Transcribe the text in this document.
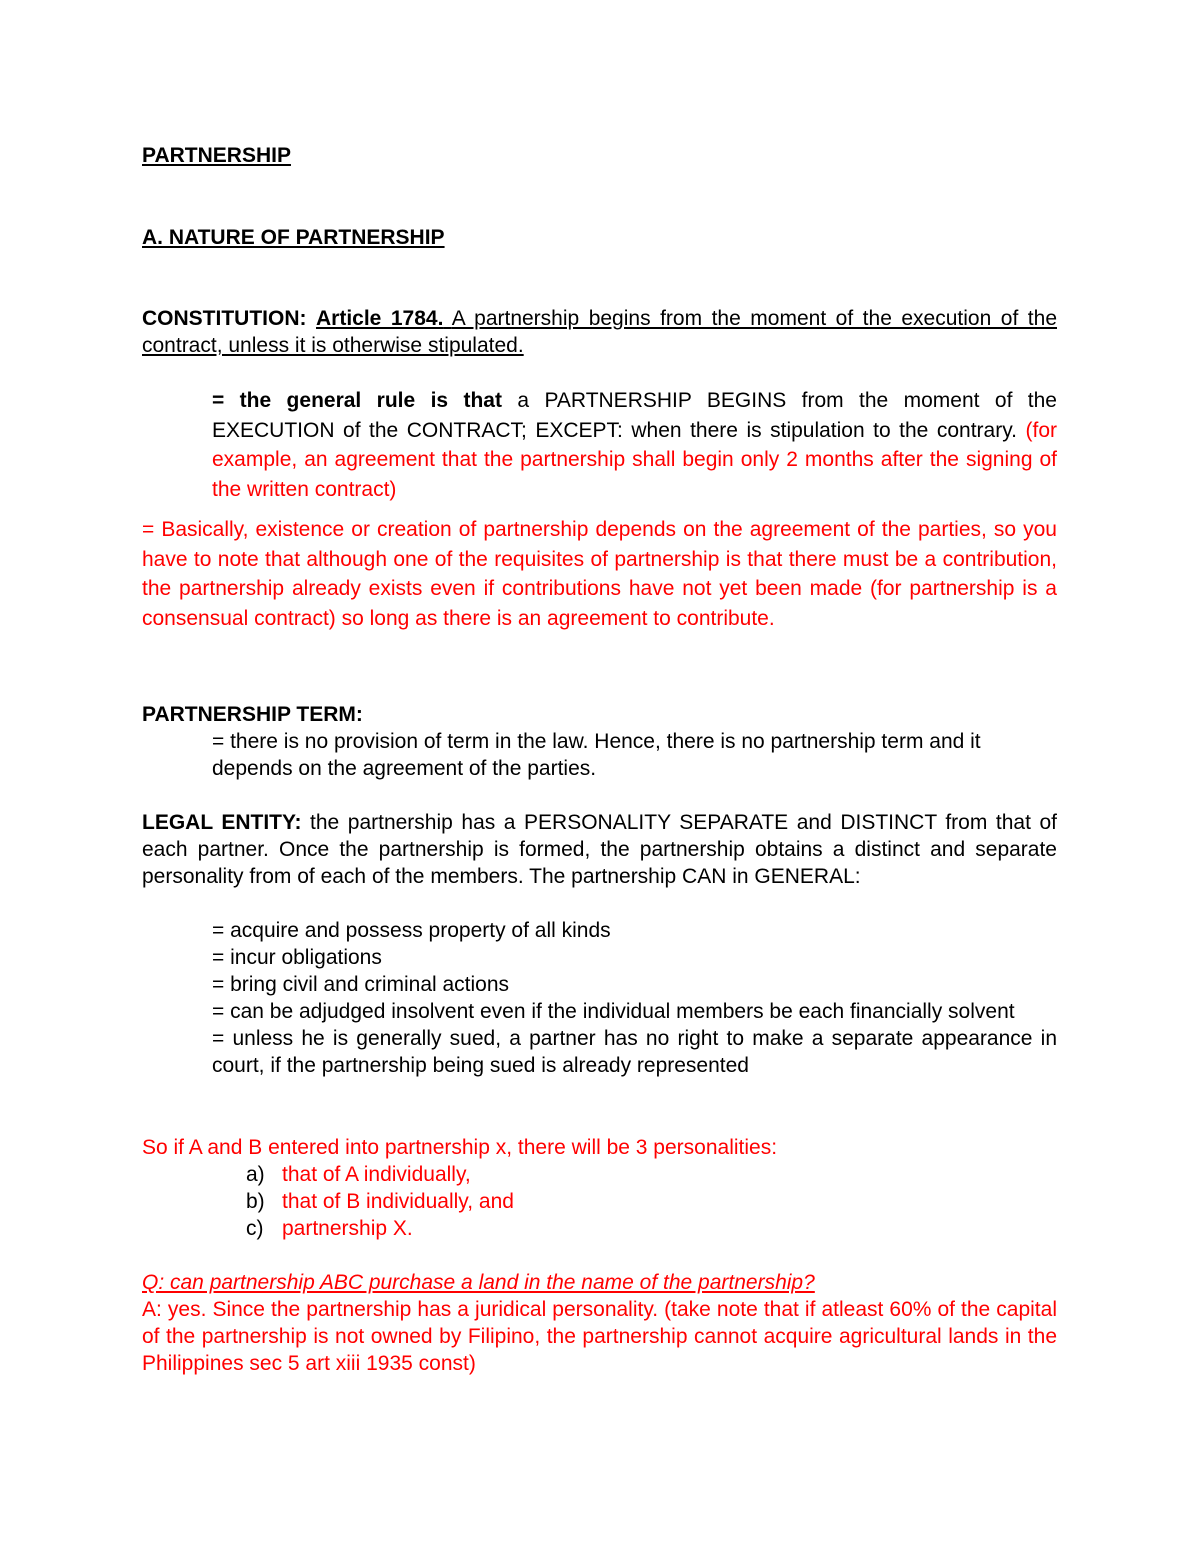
PARTNERSHIP

A. NATURE OF PARTNERSHIP

CONSTITUTION: Article 1784. A partnership begins from the moment of the execution of the contract, unless it is otherwise stipulated.

= the general rule is that a PARTNERSHIP BEGINS from the moment of the EXECUTION of the CONTRACT; EXCEPT: when there is stipulation to the contrary. (for example, an agreement that the partnership shall begin only 2 months after the signing of the written contract)

= Basically, existence or creation of partnership depends on the agreement of the parties, so you have to note that although one of the requisites of partnership is that there must be a contribution, the partnership already exists even if contributions have not yet been made (for partnership is a consensual contract) so long as there is an agreement to contribute.

PARTNERSHIP TERM:

= there is no provision of term in the law. Hence, there is no partnership term and it depends on the agreement of the parties.

LEGAL ENTITY: the partnership has a PERSONALITY SEPARATE and DISTINCT from that of each partner. Once the partnership is formed, the partnership obtains a distinct and separate personality from of each of the members. The partnership CAN in GENERAL:

= acquire and possess property of all kinds
= incur obligations
= bring civil and criminal actions
= can be adjudged insolvent even if the individual members be each financially solvent
= unless he is generally sued, a partner has no right to make a separate appearance in court, if the partnership being sued is already represented

So if A and B entered into partnership x, there will be 3 personalities:

a) that of A individually,
b) that of B individually, and
c) partnership X.

Q: can partnership ABC purchase a land in the name of the partnership?

A: yes. Since the partnership has a juridical personality. (take note that if atleast 60% of the capital of the partnership is not owned by Filipino, the partnership cannot acquire agricultural lands in the Philippines sec 5 art xiii 1935 const)
